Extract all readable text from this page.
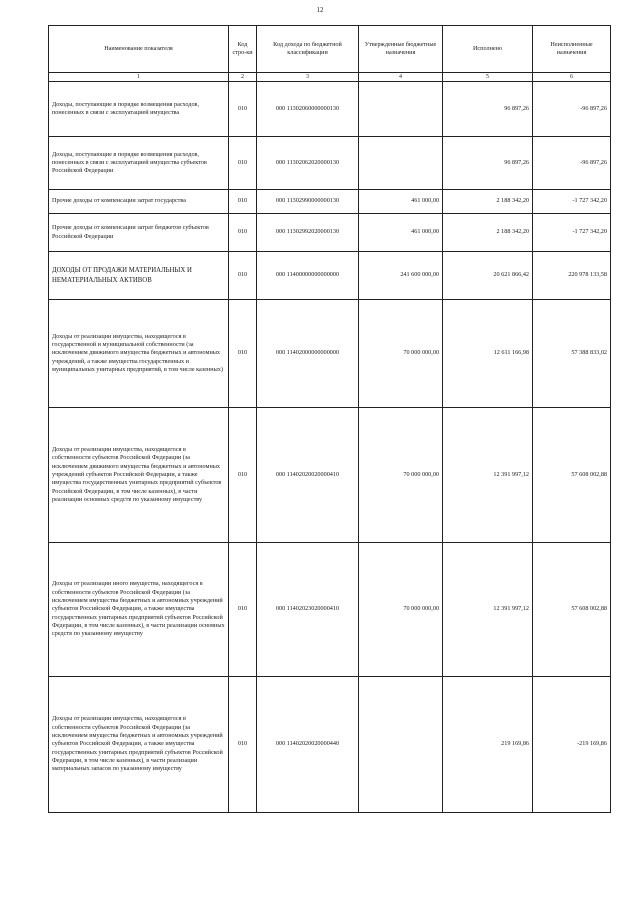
12
Наименование показателя	Код стро-ки	Код дохода по бюджетной классификации	Утвержденные бюджетные назначения	Исполнено	Неисполненные назначения
1	2	3	4	5	6
Доходы, поступающие в порядке возмещения расходов, понесенных в связи с эксплуатацией имущества	010	000 11302060000000130		96 897,26	-96 897,26
Доходы, поступающие в порядке возмещения расходов, понесенных в связи с эксплуатацией имущества субъектов Российской Федерации	010	000 11302062020000130		96 897,26	-96 897,26
Прочие доходы от компенсации затрат государства	010	000 11302990000000130	461 000,00	2 188 342,20	-1 727 342,20
Прочие доходы от компенсации затрат бюджетов субъектов Российской Федерации	010	000 11302992020000130	461 000,00	2 188 342,20	-1 727 342,20
ДОХОДЫ ОТ ПРОДАЖИ МАТЕРИАЛЬНЫХ И НЕМАТЕРИАЛЬНЫХ АКТИВОВ	010	000 11400000000000000	241 600 000,00	20 621 866,42	220 978 133,58
Доходы от реализации имущества, находящегося в государственной и муниципальной собственности (за исключением движимого имущества бюджетных и автономных учреждений, а также имущества государственных и муниципальных унитарных предприятий, в том числе казенных)	010	000 11402000000000000	70 000 000,00	12 611 166,98	57 388 833,02
Доходы от реализации имущества, находящегося в собственности субъектов Российской Федерации (за исключением движимого имущества бюджетных и автономных учреждений субъектов Российской Федерации, а также имущества государственных унитарных предприятий субъектов Российской Федерации, в том числе казенных), в части реализации основных средств по указанному имуществу	010	000 11402020020000410	70 000 000,00	12 391 997,12	57 608 002,88
Доходы от реализации иного имущества, находящегося в собственности субъектов Российской Федерации (за исключением имущества бюджетных и автономных учреждений субъектов Российской Федерации, а также имущества государственных унитарных предприятий субъектов Российской Федерации, в том числе казенных), в части реализации основных средств по указанному имуществу	010	000 11402023020000410	70 000 000,00	12 391 997,12	57 608 002,88
Доходы от реализации имущества, находящегося в собственности субъектов Российской Федерации (за исключением имущества бюджетных и автономных учреждений субъектов Российской Федерации, а также имущества государственных унитарных предприятий субъектов Российской Федерации, в том числе казенных), в части реализации материальных запасов по указанному имуществу	010	000 11402020020000440		219 169,86	-219 169,86
